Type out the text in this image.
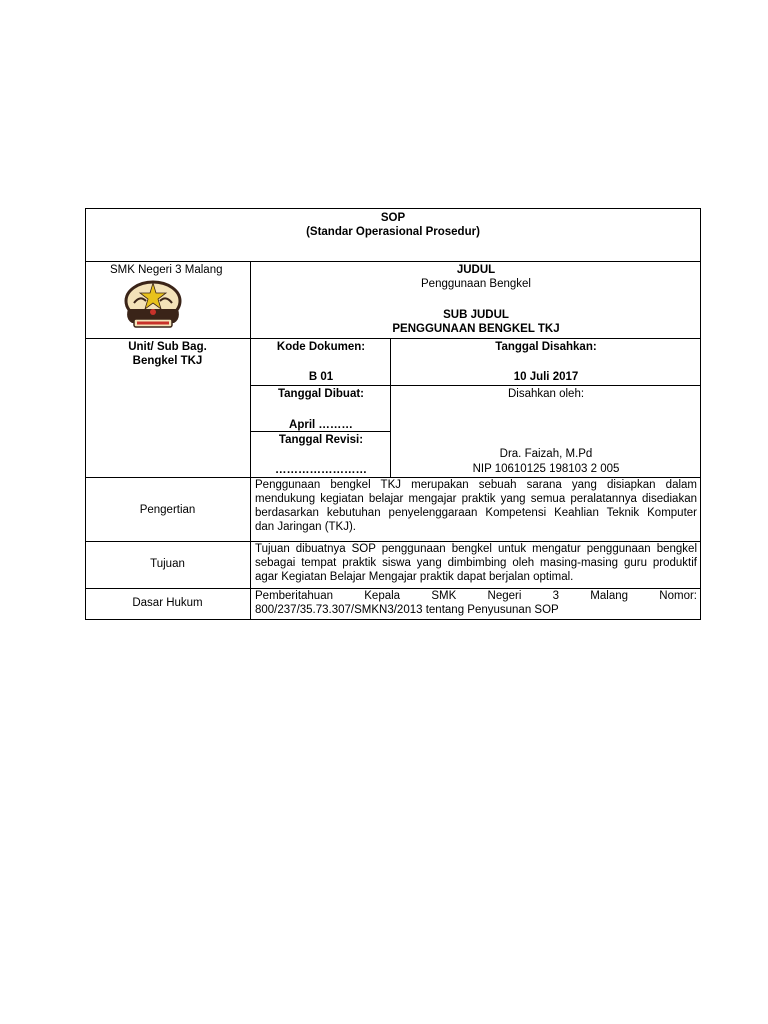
SOP
(Standar Operasional Prosedur)
SMK Negeri 3 Malang	JUDUL
Penggunaan Bengkel
SUB JUDUL
PENGGUNAAN BENGKEL TKJ
Unit/ Sub Bag.
Bengkel TKJ
Kode Dokumen:
B 01
Tanggal Disahkan:
10 Juli 2017
Tanggal Dibuat:
April ………
Tanggal Revisi:
……………………
Disahkan oleh:
Dra. Faizah, M.Pd
NIP 10610125 198103 2 005
Pengertian
Penggunaan bengkel TKJ merupakan sebuah sarana yang disiapkan dalam
mendukung kegiatan belajar mengajar praktik yang semua peralatannya disediakan
berdasarkan kebutuhan penyelenggaraan Kompetensi Keahlian Teknik Komputer
dan Jaringan (TKJ).
Tujuan
Tujuan dibuatnya SOP penggunaan bengkel untuk mengatur penggunaan bengkel
sebagai tempat praktik siswa yang dimbimbing oleh masing-masing guru produktif
agar Kegiatan Belajar Mengajar praktik dapat berjalan optimal.
Dasar Hukum
Pemberitahuan Kepala SMK Negeri 3 Malang Nomor:
800/237/35.73.307/SMKN3/2013 tentang Penyusunan SOP
